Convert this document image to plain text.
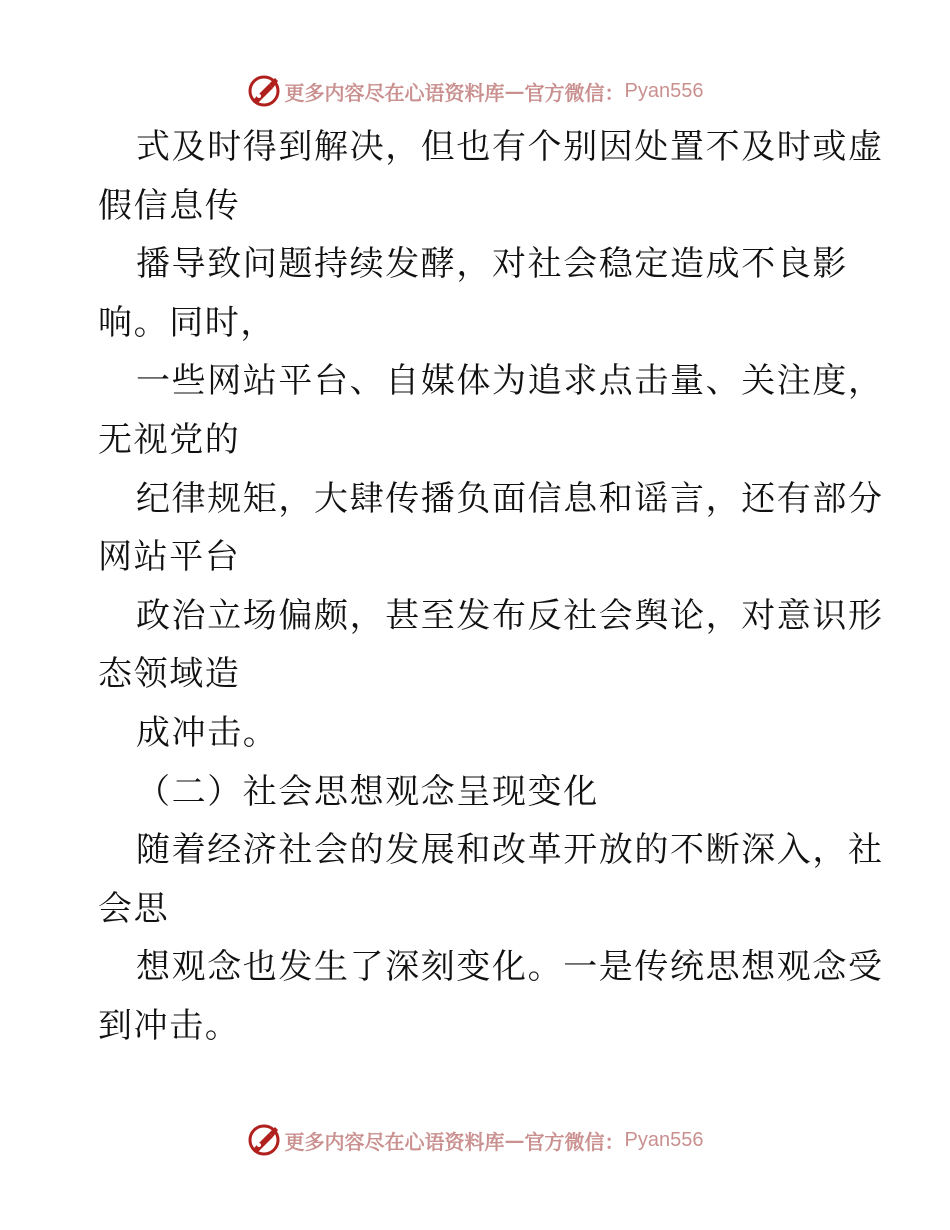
更多内容尽在心语资料库 — 官方微信： Pyan556
式及时得到解决，但也有个别因处置不及时或虚
假信息传
播导致问题持续发酵，对社会稳定造成不良影
响。同时，
一些网站平台、自媒体为追求点击量、关注度，
无视党的
纪律规矩，大肆传播负面信息和谣言，还有部分
网站平台
政治立场偏颇，甚至发布反社会舆论，对意识形
态领域造
成冲击。
（二）社会思想观念呈现变化
随着经济社会的发展和改革开放的不断深入，社
会思
想观念也发生了深刻变化。一是传统思想观念受
到冲击。
更多内容尽在心语资料库 — 官方微信： Pyan556
